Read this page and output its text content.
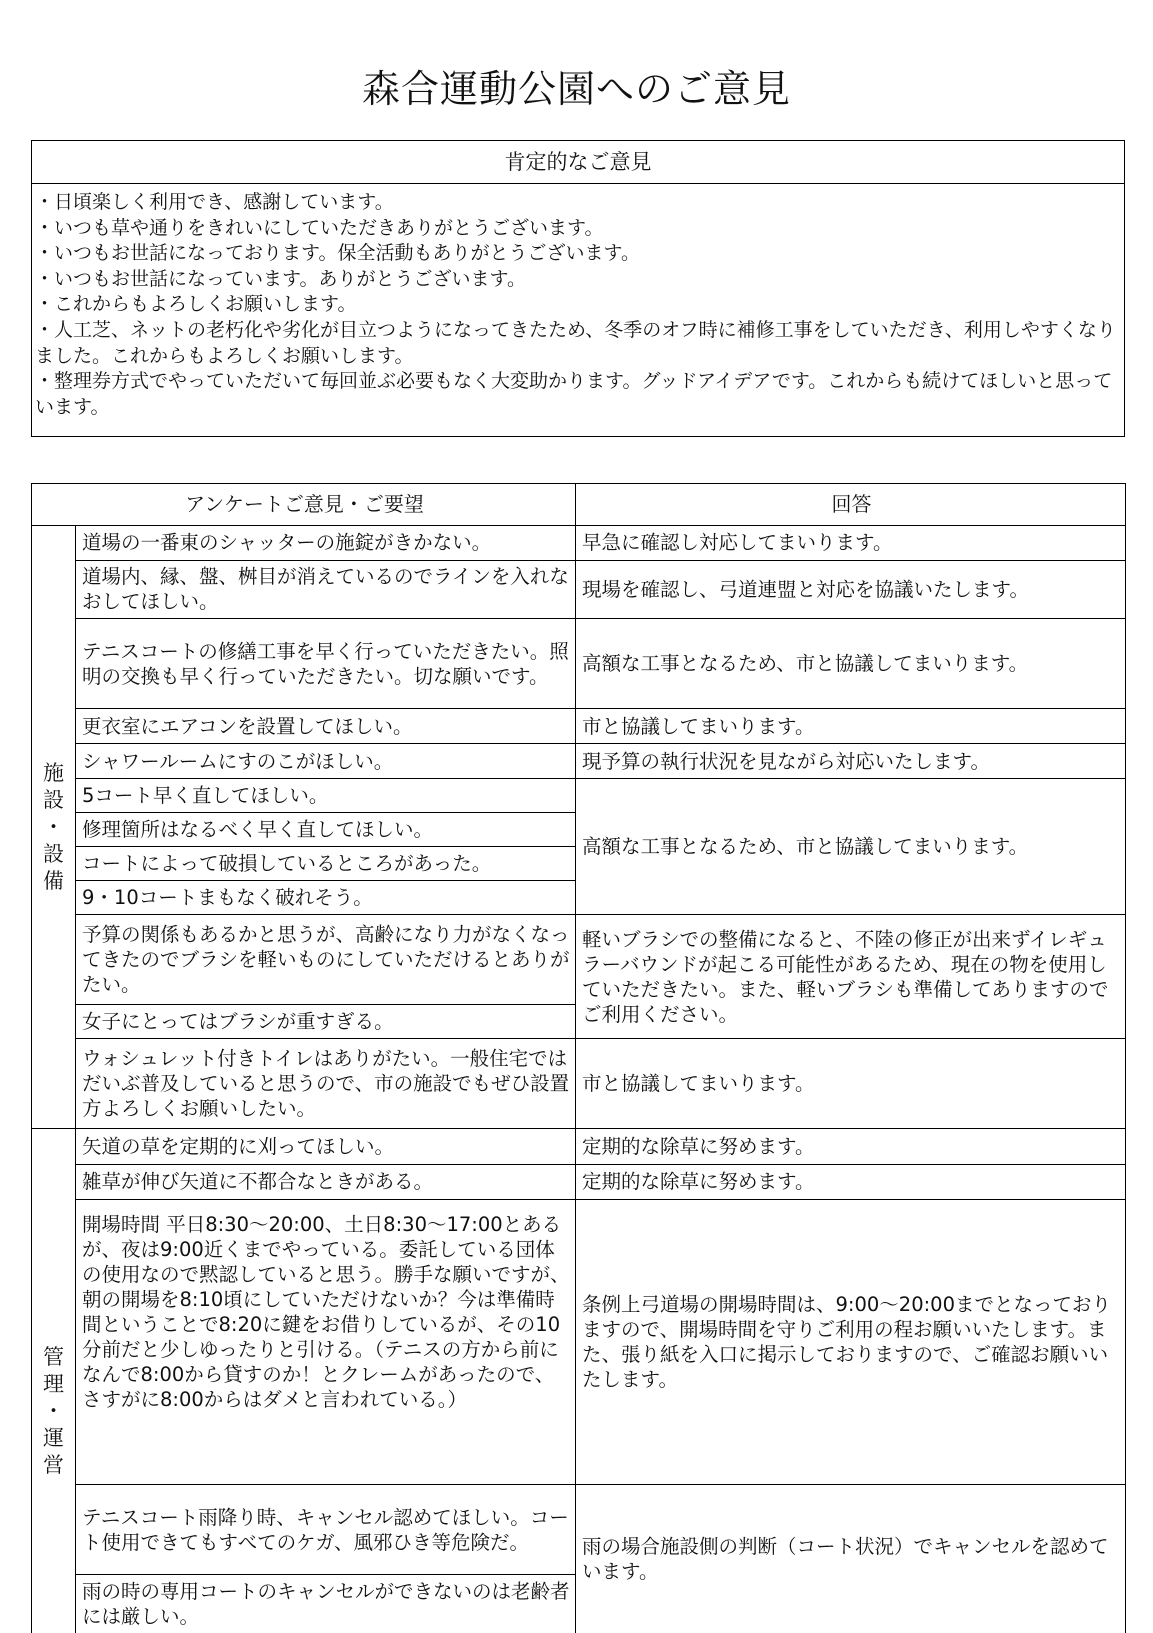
森合運動公園へのご意見
肯定的なご意見
・日頃楽しく利用でき、感謝しています。
・いつも草や通りをきれいにしていただきありがとうございます。
・いつもお世話になっております。保全活動もありがとうございます。
・いつもお世話になっています。ありがとうございます。
・これからもよろしくお願いします。
・人工芝、ネットの老朽化や劣化が目立つようになってきたため、冬季のオフ時に補修工事をしていただき、利用しやすくなりました。これからもよろしくお願いします。
・整理券方式でやっていただいて毎回並ぶ必要もなく大変助かります。グッドアイデアです。これからも続けてほしいと思っています。
アンケートご意見・ご要望		回答

施
設
・
設
備	道場の一番東のシャッターの施錠がきかない。	早急に確認し対応してまいります。
	道場内、縁、盤、桝目が消えているのでラインを入れなおしてほしい。	現場を確認し、弓道連盟と対応を協議いたします。
	テニスコートの修繕工事を早く行っていただきたい。照明の交換も早く行っていただきたい。切な願いです。	高額な工事となるため、市と協議してまいります。
	更衣室にエアコンを設置してほしい。	市と協議してまいります。
	シャワールームにすのこがほしい。	現予算の執行状況を見ながら対応いたします。
	5コート早く直してほしい。	高額な工事となるため、市と協議してまいります。
	修理箇所はなるべく早く直してほしい。	
	コートによって破損しているところがあった。	
	9・10コートまもなく破れそう。	
	予算の関係もあるかと思うが、高齢になり力がなくなってきたのでブラシを軽いものにしていただけるとありがたい。	軽いブラシでの整備になると、不陸の修正が出来ずイレギュラーバウンドが起こる可能性があるため、現在の物を使用していただきたい。また、軽いブラシも準備してありますのでご利用ください。
	女子にとってはブラシが重すぎる。	
	ウォシュレット付きトイレはありがたい。一般住宅ではだいぶ普及していると思うので、市の施設でもぜひ設置方よろしくお願いしたい。	市と協議してまいります。

管
理
・
運
営	矢道の草を定期的に刈ってほしい。	定期的な除草に努めます。
	雑草が伸び矢道に不都合なときがある。	定期的な除草に努めます。
	開場時間 平日8:30～20:00、土日8:30～17:00とあるが、夜は9:00近くまでやっている。委託している団体の使用なので黙認していると思う。勝手な願いですが、朝の開場を8:10頃にしていただけないか？今は準備時間ということで8:20に鍵をお借りしているが、その10分前だと少しゆったりと引ける。（テニスの方から前になんで8:00から貸すのか！とクレームがあったので、さすがに8:00からはダメと言われている。）	条例上弓道場の開場時間は、9:00～20:00までとなっておりますので、開場時間を守りご利用の程お願いいたします。また、張り紙を入口に掲示しておりますので、ご確認お願いいたします。
	テニスコート雨降り時、キャンセル認めてほしい。コート使用できてもすべてのケガ、風邪ひき等危険だ。	雨の場合施設側の判断（コート状況）でキャンセルを認めています。
	雨の時の専用コートのキャンセルができないのは老齢者には厳しい。	
